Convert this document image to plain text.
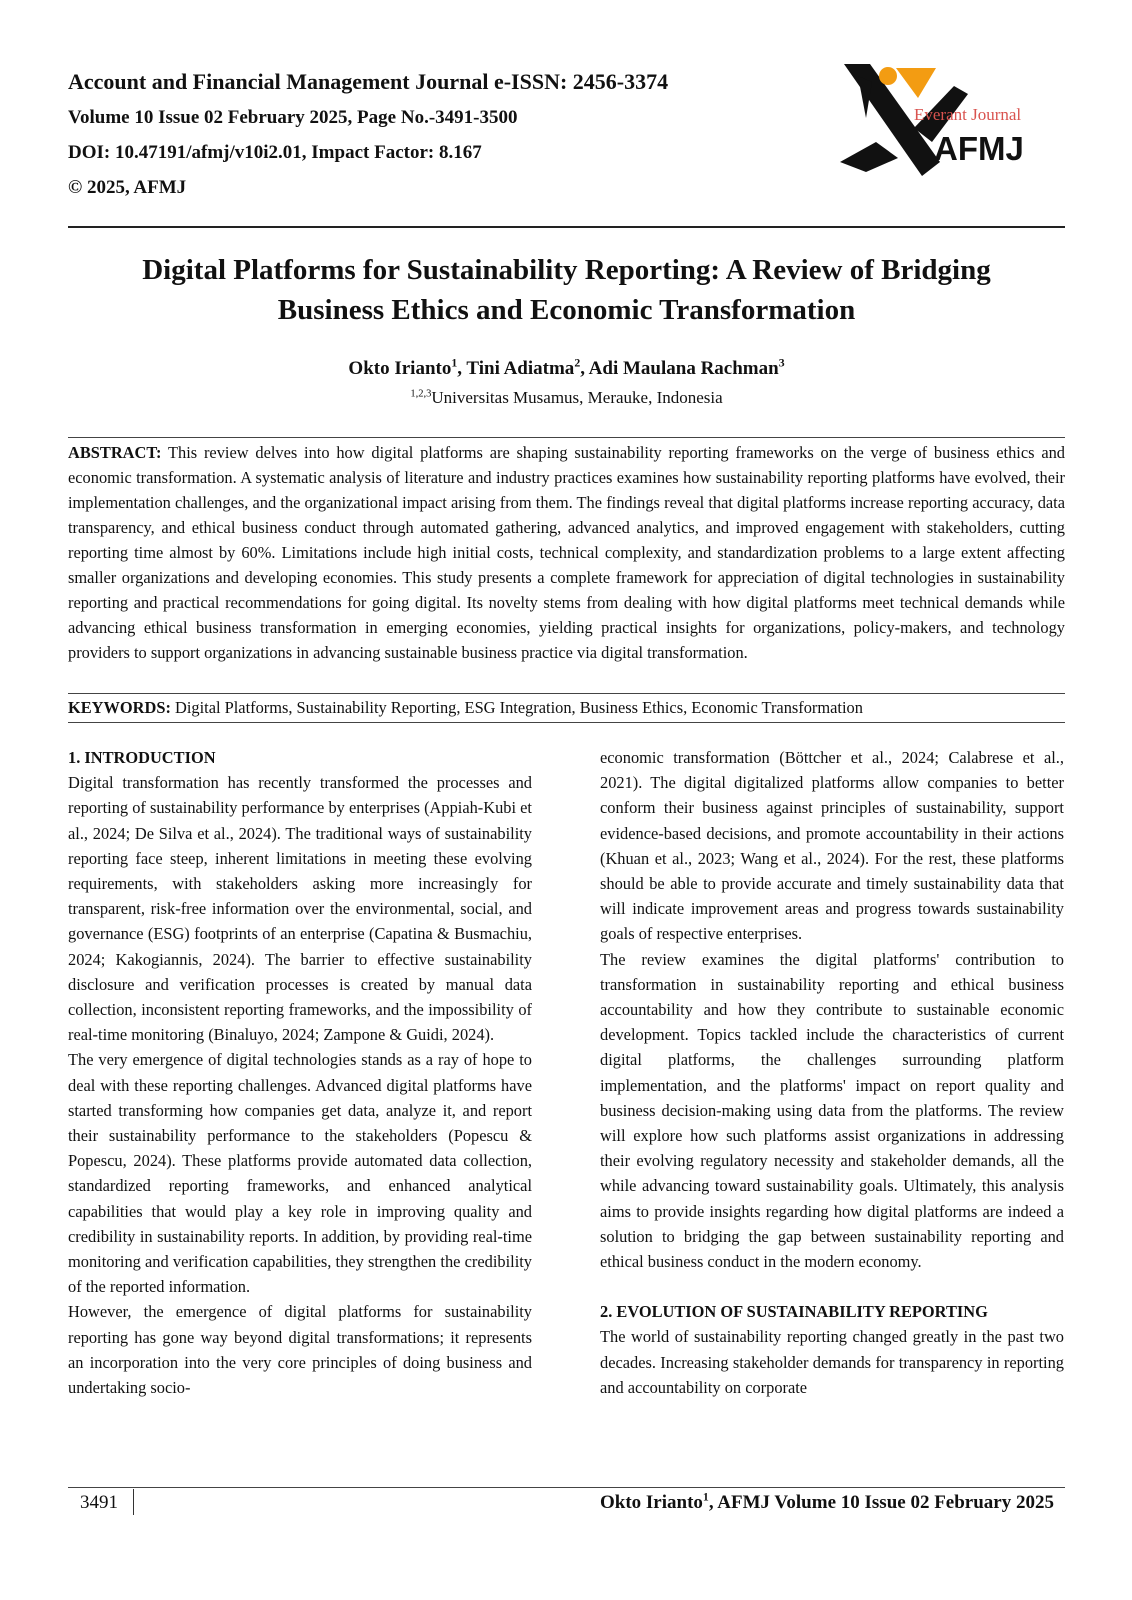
Account and Financial Management Journal e-ISSN: 2456-3374

Volume 10 Issue 02 February 2025, Page No.-3491-3500

DOI: 10.47191/afmj/v10i2.01, Impact Factor: 8.167

© 2025, AFMJ

Everant Journal
AFMJ

Digital Platforms for Sustainability Reporting: A Review of Bridging

Business Ethics and Economic Transformation

Okto Irianto$^1$, Tini Adiatma$^2$, Adi Maulana Rachman$^3$
$^{1,2,3}$Universitas Musamus, Merauke, Indonesia

ABSTRACT: This review delves into how digital platforms are shaping sustainability reporting frameworks on the verge of business ethics and economic transformation. A systematic analysis of literature and industry practices examines how sustainability reporting platforms have evolved, their implementation challenges, and the organizational impact arising from them. The findings reveal that digital platforms increase reporting accuracy, data transparency, and ethical business conduct through automated gathering, advanced analytics, and improved engagement with stakeholders, cutting reporting time almost by 60%. Limitations include high initial costs, technical complexity, and standardization problems to a large extent affecting smaller organizations and developing economies. This study presents a complete framework for appreciation of digital technologies in sustainability reporting and practical recommendations for going digital. Its novelty stems from dealing with how digital platforms meet technical demands while advancing ethical business transformation in emerging economies, yielding practical insights for organizations, policy-makers, and technology providers to support organizations in advancing sustainable business practice via digital transformation.

KEYWORDS: Digital Platforms, Sustainability Reporting, ESG Integration, Business Ethics, Economic Transformation

1. INTRODUCTION

Digital transformation has recently transformed the processes and reporting of sustainability performance by enterprises (Appiah-Kubi et al., 2024; De Silva et al., 2024). The traditional ways of sustainability reporting face steep, inherent limitations in meeting these evolving requirements, with stakeholders asking more increasingly for transparent, risk-free information over the environmental, social, and governance (ESG) footprints of an enterprise (Capatina & Busmachiu, 2024; Kakogiannis, 2024). The barrier to effective sustainability disclosure and verification processes is created by manual data collection, inconsistent reporting frameworks, and the impossibility of real-time monitoring (Binaluyo, 2024; Zampone & Guidi, 2024).

The very emergence of digital technologies stands as a ray of hope to deal with these reporting challenges. Advanced digital platforms have started transforming how companies get data, analyze it, and report their sustainability performance to the stakeholders (Popescu & Popescu, 2024). These platforms provide automated data collection, standardized reporting frameworks, and enhanced analytical capabilities that would play a key role in improving quality and credibility in sustainability reports. In addition, by providing real-time monitoring and verification capabilities, they strengthen the credibility of the reported information.

However, the emergence of digital platforms for sustainability reporting has gone way beyond digital transformations; it represents an incorporation into the very core principles of doing business and undertaking socio-

economic transformation (Böttcher et al., 2024; Calabrese et al., 2021). The digital digitalized platforms allow companies to better conform their business against principles of sustainability, support evidence-based decisions, and promote accountability in their actions (Khuan et al., 2023; Wang et al., 2024). For the rest, these platforms should be able to provide accurate and timely sustainability data that will indicate improvement areas and progress towards sustainability goals of respective enterprises.

The review examines the digital platforms' contribution to transformation in sustainability reporting and ethical business accountability and how they contribute to sustainable economic development. Topics tackled include the characteristics of current digital platforms, the challenges surrounding platform implementation, and the platforms' impact on report quality and business decision-making using data from the platforms. The review will explore how such platforms assist organizations in addressing their evolving regulatory necessity and stakeholder demands, all the while advancing toward sustainability goals. Ultimately, this analysis aims to provide insights regarding how digital platforms are indeed a solution to bridging the gap between sustainability reporting and ethical business conduct in the modern economy.

2. EVOLUTION OF SUSTAINABILITY REPORTING

The world of sustainability reporting changed greatly in the past two decades. Increasing stakeholder demands for transparency in reporting and accountability on corporate

3491	Okto Irianto$^1$, AFMJ Volume 10 Issue 02 February 2025
